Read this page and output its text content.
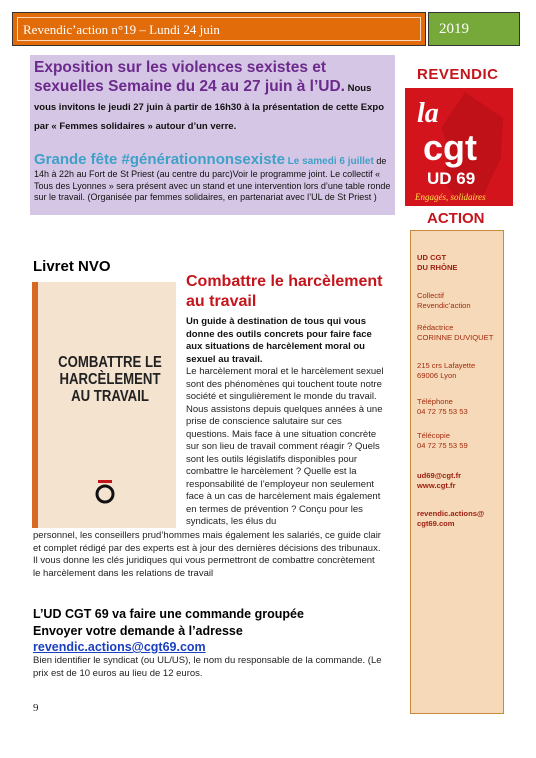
Revendic’action n°19 – Lundi 24 juin	2019
Exposition sur les violences sexistes et sexuelles Semaine du 24 au 27 juin à l’UD. Nous vous invitons le jeudi 27 juin à partir de 16h30 à la présentation de cette Expo par « Femmes solidaires » autour d’un verre.
Grande fête #générationnonsexiste Le samedi 6 juillet de 14h à 22h au Fort de St Priest (au centre du parc)Voir le programme joint. Le collectif « Tous des Lyonnes » sera présent avec un stand et une intervention lors d’une table ronde sur le travail. (Organisée par femmes solidaires, en partenariat avec l’UL de St Priest )
REVENDIC
la
cgt
UD 69
Engagés, solidaires
ACTION
UD CGT
DU RHÔNE
Collectif
Revendic’action
Rédactrice
CORINNE DUVIQUET
215 crs Lafayette
69006 Lyon
Téléphone
04 72 75 53 53
Télécopie
04 72 75 53 59
ud69@cgt.fr
www.cgt.fr
revendic.actions@
cgt69.com
Livret NVO
COMBATTRE LE HARCÈLEMENT AU TRAVAIL
Combattre le harcèlement au travail
Un guide à destination de tous qui vous donne des outils concrets pour faire face aux situations de harcèlement moral ou sexuel au travail.
Le harcèlement moral et le harcèlement sexuel sont des phénomènes qui touchent toute notre société et singulièrement le monde du travail. Nous assistons depuis quelques années à une prise de conscience salutaire sur ces questions. Mais face à une situation concrète sur son lieu de travail comment réagir ? Quels sont les outils législatifs disponibles pour combattre le harcèlement ? Quelle est la responsabilité de l’employeur non seulement face à un cas de harcèlement mais également en termes de prévention ? Conçu pour les syndicats, les élus du
personnel, les conseillers prud’hommes mais également les salariés, ce guide clair et complet rédigé par des experts est à jour des dernières décisions des tribunaux. Il vous donne les clés juridiques qui vous permettront de combattre concrètement le harcèlement dans les relations de travail
L’UD CGT 69 va faire une commande groupée
Envoyer votre demande à l’adresse
revendic.actions@cgt69.com
Bien identifier le syndicat (ou UL/US), le nom du responsable de la commande. (Le prix est de 10 euros au lieu de 12 euros.
9
